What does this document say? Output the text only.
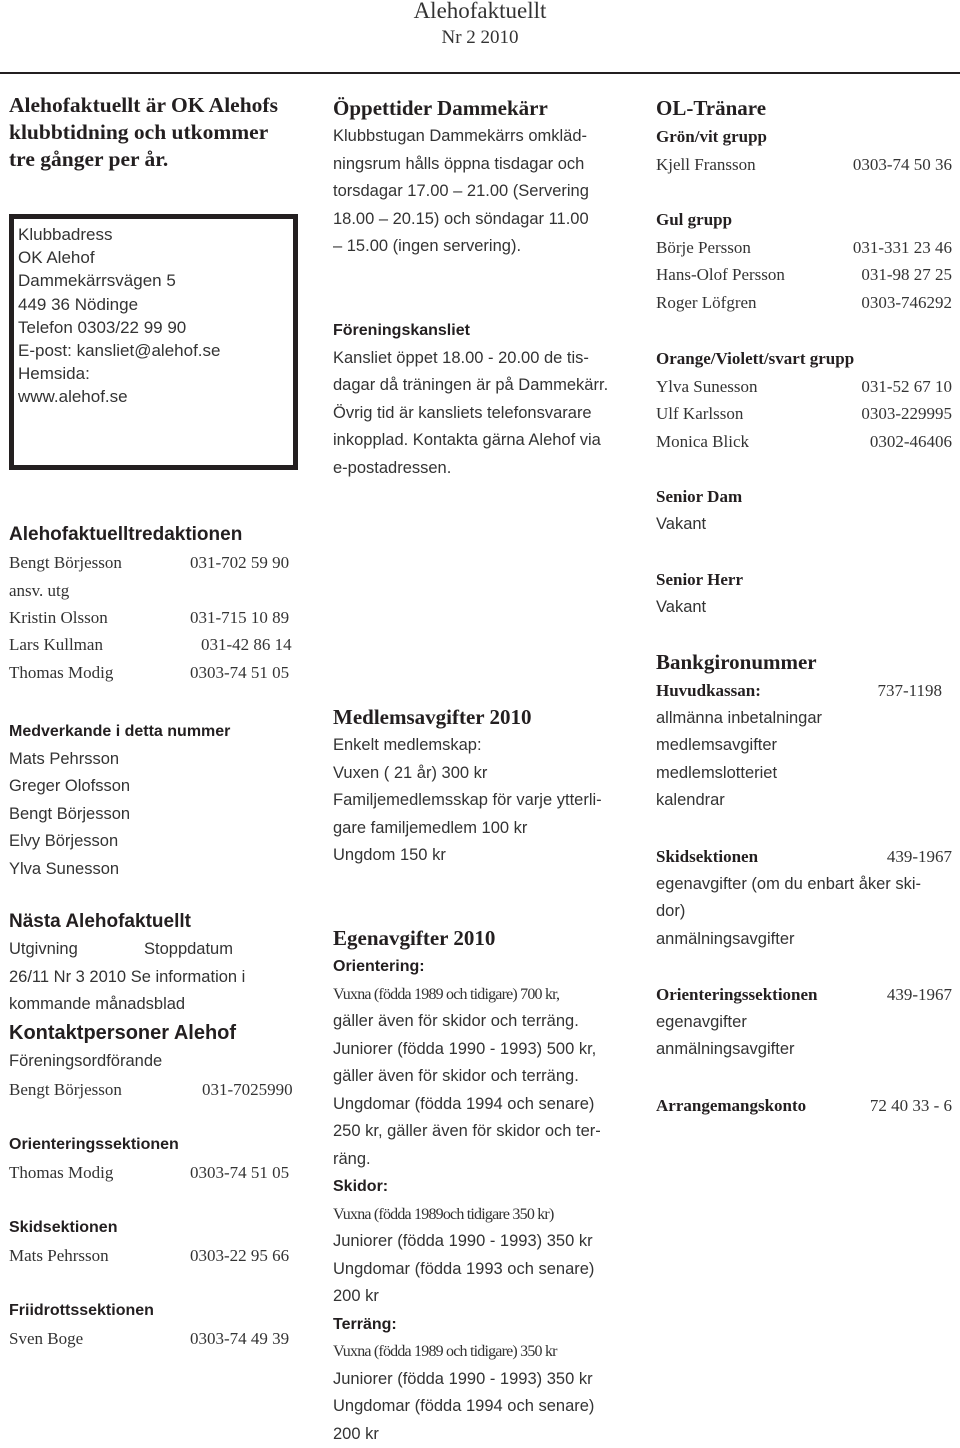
Alehofaktuellt
Nr 2 2010
Alehofaktuellt är OK Alehofs
klubbtidning och utkommer
tre gånger per år.
Klubbadress
OK Alehof
Dammekärrsvägen 5
449 36 Nödinge
Telefon 0303/22 99 90
E-post: kansliet@alehof.se
Hemsida:
www.alehof.se
Alehofaktuelltredaktionen
Bengt Börjesson	031-702 59 90
ansv. utg
Kristin Olsson	031-715 10 89
Lars Kullman	031-42 86 14
Thomas Modig	0303-74 51 05
Medverkande i detta nummer
Mats Pehrsson
Greger Olofsson
Bengt Börjesson
Elvy Börjesson
Ylva Sunesson
Nästa Alehofaktuellt
Utgivning	Stoppdatum
26/11 Nr 3 2010 Se information i
kommande månadsblad
Kontaktpersoner Alehof
Föreningsordförande
Bengt Börjesson	031-7025990
Orienteringssektionen
Thomas Modig	0303-74 51 05
Skidsektionen
Mats Pehrsson	0303-22 95 66
Friidrottssektionen
Sven Boge	0303-74 49 39
Öppettider Dammekärr
Klubbstugan Dammekärrs omkläd-
ningsrum hålls öppna tisdagar och
torsdagar 17.00 – 21.00 (Servering
18.00 – 20.15) och söndagar 11.00
– 15.00 (ingen servering).
Föreningskansliet
Kansliet öppet 18.00 - 20.00 de tis-
dagar då träningen är på Dammekärr.
Övrig tid är kansliets telefonsvarare
inkopplad. Kontakta gärna Alehof via
e-postadressen.
Medlemsavgifter 2010
Enkelt medlemskap:
Vuxen ( 21 år) 300 kr
Familjemedlemsskap för varje ytterli-
gare familjemedlem 100 kr
Ungdom 150 kr
Egenavgifter 2010
Orientering:
Vuxna (födda 1989 och tidigare) 700 kr,
gäller även för skidor och terräng.
Juniorer (födda 1990 - 1993) 500 kr,
gäller även för skidor och terräng.
Ungdomar (födda 1994 och senare)
250 kr, gäller även för skidor och ter-
räng.
Skidor:
Vuxna (födda 1989och tidigare 350 kr)
Juniorer (födda 1990 - 1993) 350 kr
Ungdomar (födda 1993 och senare)
200 kr
Terräng:
Vuxna (födda 1989 och tidigare) 350 kr
Juniorer (födda 1990 - 1993) 350 kr
Ungdomar (födda 1994 och senare)
200 kr
OL-Tränare
Grön/vit grupp
Kjell Fransson	0303-74 50 36
Gul grupp
Börje Persson	031-331 23 46
Hans-Olof Persson	031-98 27 25
Roger Löfgren	0303-746292
Orange/Violett/svart grupp
Ylva Sunesson	031-52 67 10
Ulf Karlsson	0303-229995
Monica Blick	0302-46406
Senior Dam
Vakant
Senior Herr
Vakant
Bankgironummer
Huvudkassan:	737-1198
allmänna inbetalningar
medlemsavgifter
medlemslotteriet
kalendrar
Skidsektionen	439-1967
egenavgifter (om du enbart åker ski-
dor)
anmälningsavgifter
Orienteringssektionen	439-1967
egenavgifter
anmälningsavgifter
Arrangemangskonto	72 40 33 - 6
